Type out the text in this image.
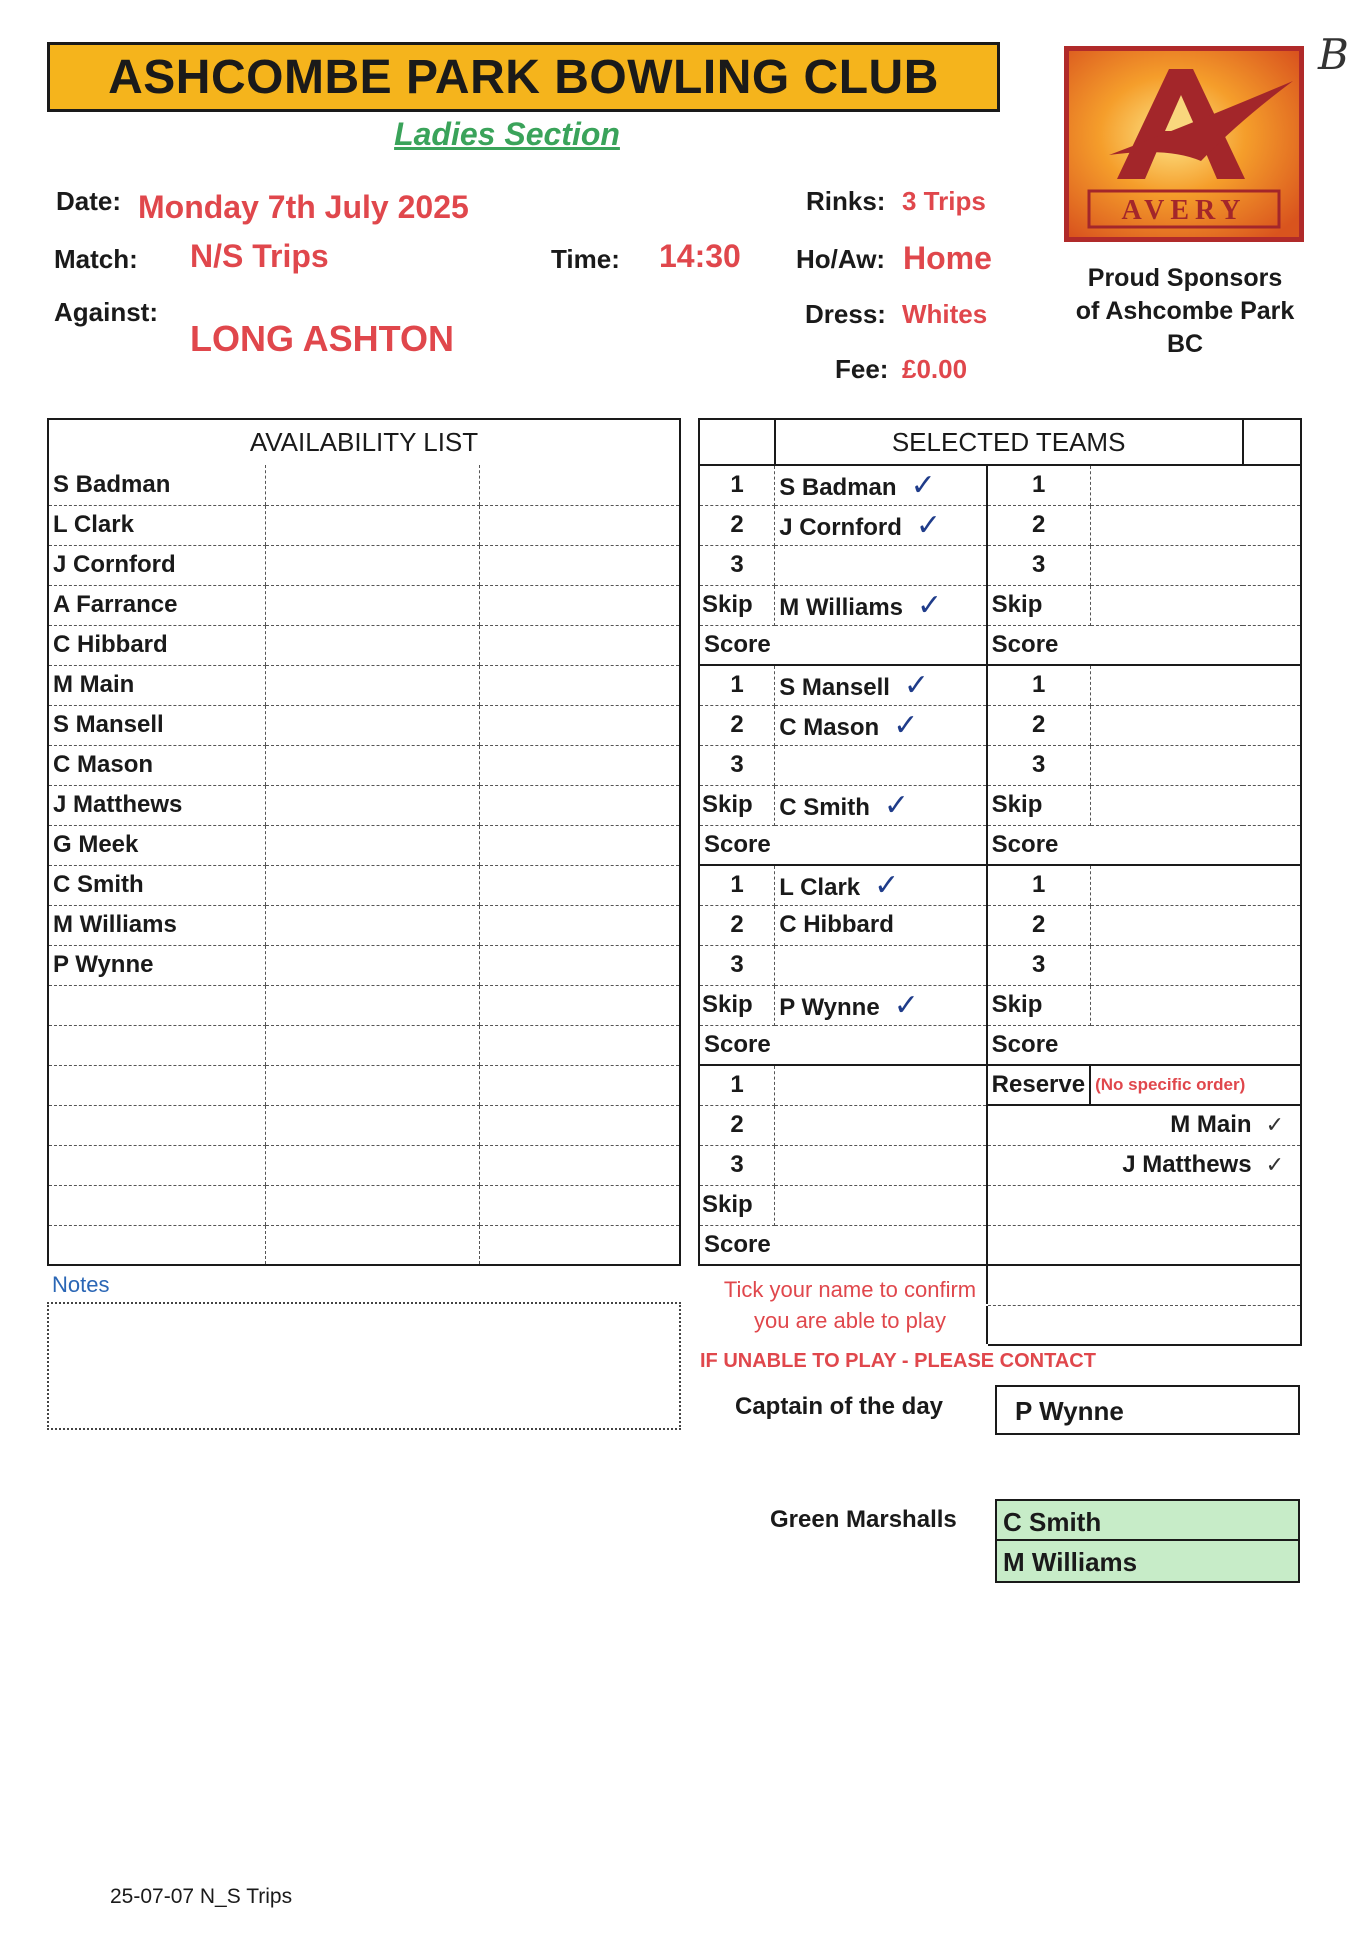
ASHCOMBE PARK BOWLING CLUB
Ladies Section
B
Date: Monday 7th July 2025
Match: N/S Trips	Time: 14:30
Against:
LONG ASHTON
Rinks: 3 Trips
Ho/Aw: Home
Dress: Whites
Fee: £0.00
AVERY
Proud Sponsors
of Ashcombe Park
BC
AVAILABILITY LIST		
S Badman		
L Clark		
J Cornford		
A Farrance		
C Hibbard		
M Main		
S Mansell		
C Mason		
J Matthews		
G Meek		
C Smith		
M Williams		
P Wynne		

	SELECTED TEAMS			
1	S Badman ✓	1		
2	J Cornford ✓	2		
3		3		
Skip	M Williams ✓	Skip		
Score		Score		
1	S Mansell ✓	1		
2	C Mason ✓	2		
3		3		
Skip	C Smith ✓	Skip		
Score		Score		
1	L Clark ✓	1		
2	C Hibbard	2		
3		3		
Skip	P Wynne ✓	Skip		
Score		Score		
1		Reserve	(No specific order)	
2		M Main ✓		
3		J Matthews ✓		
Skip				
Score				

Notes	Tick your name to confirm
you are able to play
IF UNABLE TO PLAY - PLEASE CONTACT
Captain of the day	P Wynne
Green Marshalls C Smith
M Williams
25-07-07 N_S Trips
